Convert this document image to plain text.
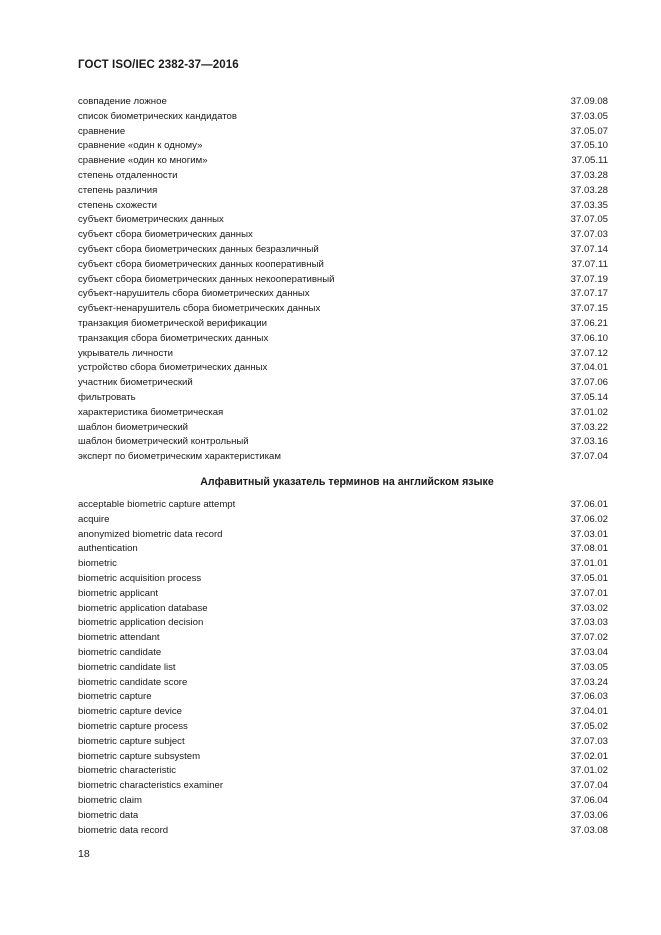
ГОСТ ISO/IEC 2382-37—2016
совпадение ложное	37.09.08
список биометрических кандидатов	37.03.05
сравнение	37.05.07
сравнение «один к одному»	37.05.10
сравнение «один ко многим»	37.05.11
степень отдаленности	37.03.28
степень различия	37.03.28
степень схожести	37.03.35
субъект биометрических данных	37.07.05
субъект сбора биометрических данных	37.07.03
субъект сбора биометрических данных безразличный	37.07.14
субъект сбора биометрических данных кооперативный	37.07.11
субъект сбора биометрических данных некооперативный	37.07.19
субъект-нарушитель сбора биометрических данных	37.07.17
субъект-ненарушитель сбора биометрических данных	37.07.15
транзакция биометрической верификации	37.06.21
транзакция сбора биометрических данных	37.06.10
укрыватель личности	37.07.12
устройство сбора биометрических данных	37.04.01
участник биометрический	37.07.06
фильтровать	37.05.14
характеристика биометрическая	37.01.02
шаблон биометрический	37.03.22
шаблон биометрический контрольный	37.03.16
эксперт по биометрическим характеристикам	37.07.04
Алфавитный указатель терминов на английском языке
acceptable biometric capture attempt	37.06.01
acquire	37.06.02
anonymized biometric data record	37.03.01
authentication	37.08.01
biometric	37.01.01
biometric acquisition process	37.05.01
biometric applicant	37.07.01
biometric application database	37.03.02
biometric application decision	37.03.03
biometric attendant	37.07.02
biometric candidate	37.03.04
biometric candidate list	37.03.05
biometric candidate score	37.03.24
biometric capture	37.06.03
biometric capture device	37.04.01
biometric capture process	37.05.02
biometric capture subject	37.07.03
biometric capture subsystem	37.02.01
biometric characteristic	37.01.02
biometric characteristics examiner	37.07.04
biometric claim	37.06.04
biometric data	37.03.06
biometric data record	37.03.08
18
